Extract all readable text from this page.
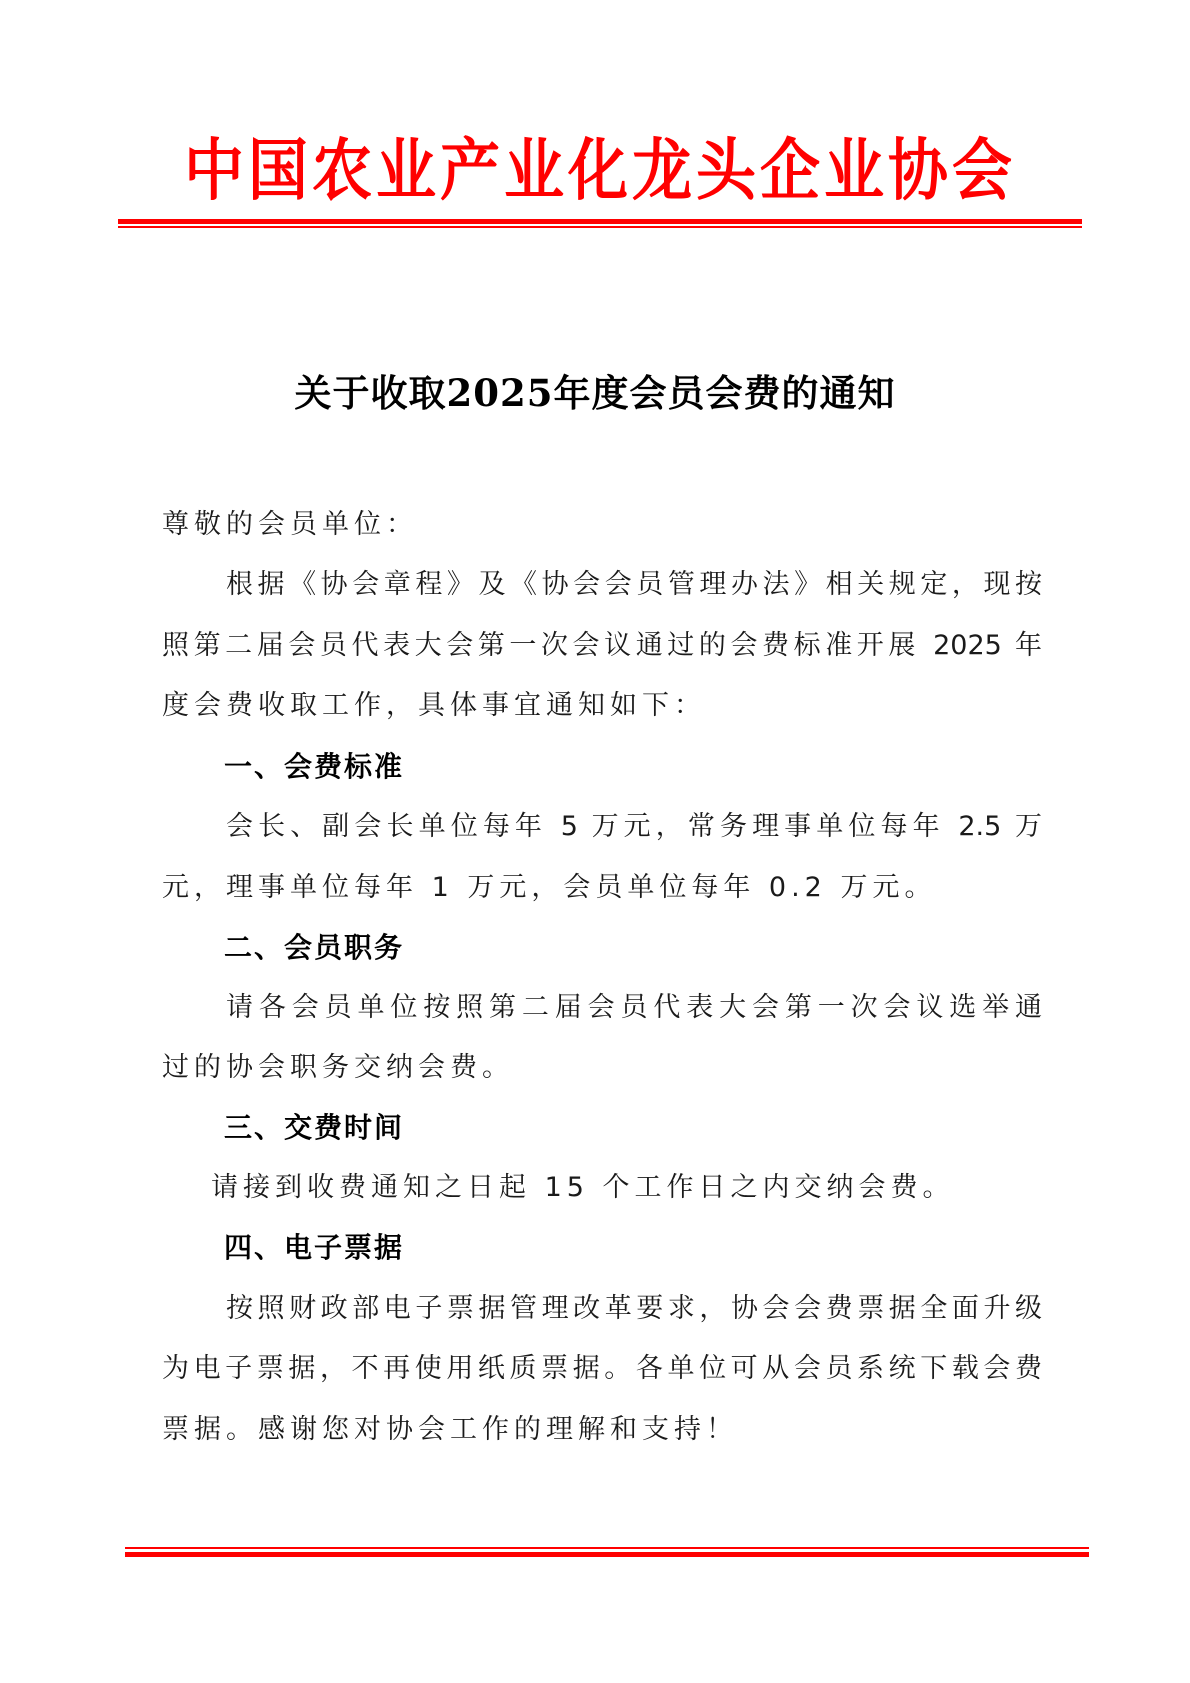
中国农业产业化龙头企业协会
关于收取2025年度会员会费的通知
尊敬的会员单位：
根据《协会章程》及《协会会员管理办法》相关规定，现按
照第二届会员代表大会第一次会议通过的会费标准开展 2025 年
度会费收取工作，具体事宜通知如下：
一、会费标准
会长、副会长单位每年 5 万元，常务理事单位每年 2.5 万
元，理事单位每年 1 万元，会员单位每年 0.2 万元。
二、会员职务
请各会员单位按照第二届会员代表大会第一次会议选举通
过的协会职务交纳会费。
三、交费时间
请接到收费通知之日起 15 个工作日之内交纳会费。
四、电子票据
按照财政部电子票据管理改革要求，协会会费票据全面升级
为电子票据，不再使用纸质票据。各单位可从会员系统下载会费
票据。感谢您对协会工作的理解和支持！
